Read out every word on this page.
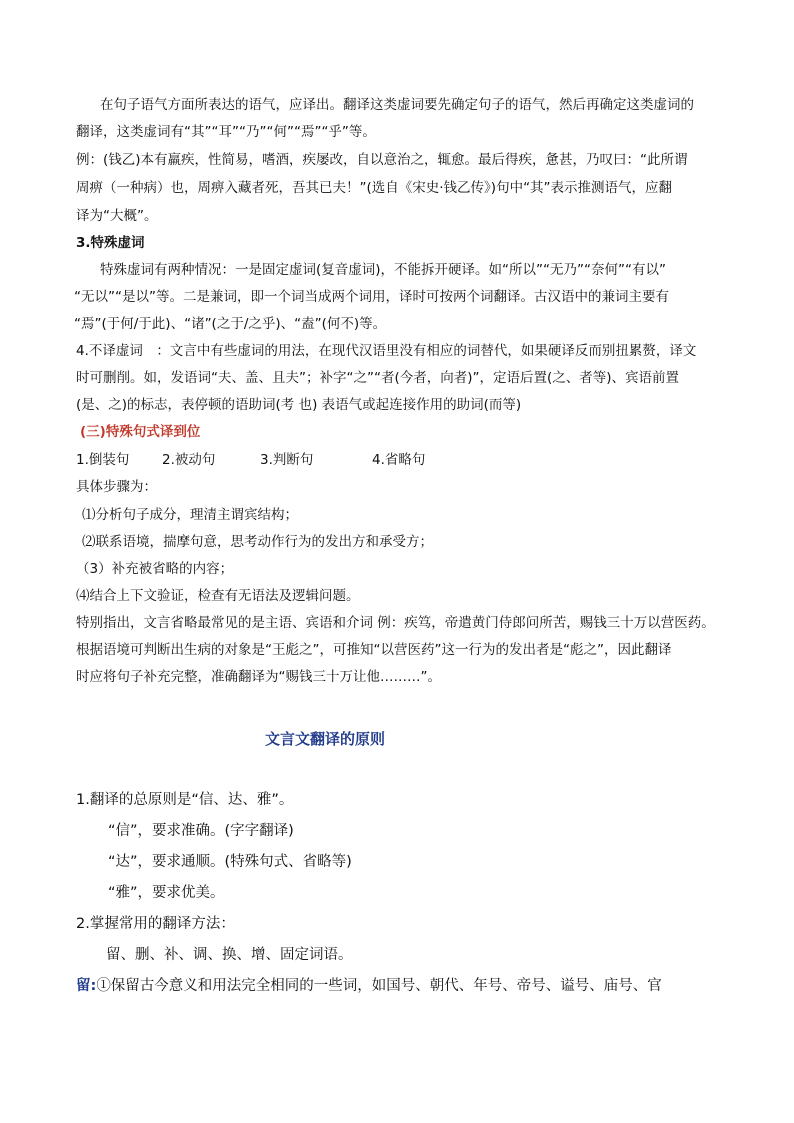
在句子语气方面所表达的语气，应译出。翻译这类虚词要先确定句子的语气，然后再确定这类虚词的
翻译，这类虚词有“其”“耳”“乃”“何”“焉”“乎”等。
例：(钱乙)本有羸疾，性简易，嗜酒，疾屡改，自以意治之，辄愈。最后得疾，惫甚，乃叹曰：“此所谓
周痹（一种病）也，周痹入藏者死，吾其已夫！”(选自《宋史·钱乙传》)句中“其”表示推测语气，应翻
译为“大概”。
3.特殊虚词
特殊虚词有两种情况：一是固定虚词(复音虚词)，不能拆开硬译。如“所以”“无乃”“奈何”“有以”
“无以”“是以”等。二是兼词，即一个词当成两个词用，译时可按两个词翻译。古汉语中的兼词主要有
“焉”(于何/于此)、“诸”(之于/之乎)、“盍”(何不)等。
4.不译虚词　：文言中有些虚词的用法，在现代汉语里没有相应的词替代，如果硬译反而别扭累赘，译文
时可删削。如，发语词“夫、盖、且夫”；补字“之”“者(今者，向者)”，定语后置(之、者等)、宾语前置
(是、之)的标志，表停顿的语助词(考 也) 表语气或起连接作用的助词(而等)
(三)特殊句式译到位
1.倒装句 2.被动句	3.判断句	4.省略句
具体步骤为：
⑴分析句子成分，理清主谓宾结构；
⑵联系语境，揣摩句意，思考动作行为的发出方和承受方；
（3）补充被省略的内容；
⑷结合上下文验证，检查有无语法及逻辑问题。
特别指出，文言省略最常见的是主语、宾语和介词 例：疾笃，帝遣黄门侍郎问所苦，赐钱三十万以营医药。
根据语境可判断出生病的对象是“王彪之”，可推知“以营医药”这一行为的发出者是“彪之”，因此翻译
时应将句子补充完整，准确翻译为“赐钱三十万让他………”。
文言文翻译的原则
1.翻译的总原则是“信、达、雅”。
“信”，要求准确。(字字翻译)
“达”，要求通顺。(特殊句式、省略等)
“雅”，要求优美。
2.掌握常用的翻译方法：
留、删、补、调、换、增、固定词语。
留:①保留古今意义和用法完全相同的一些词，如国号、朝代、年号、帝号、谥号、庙号、官
